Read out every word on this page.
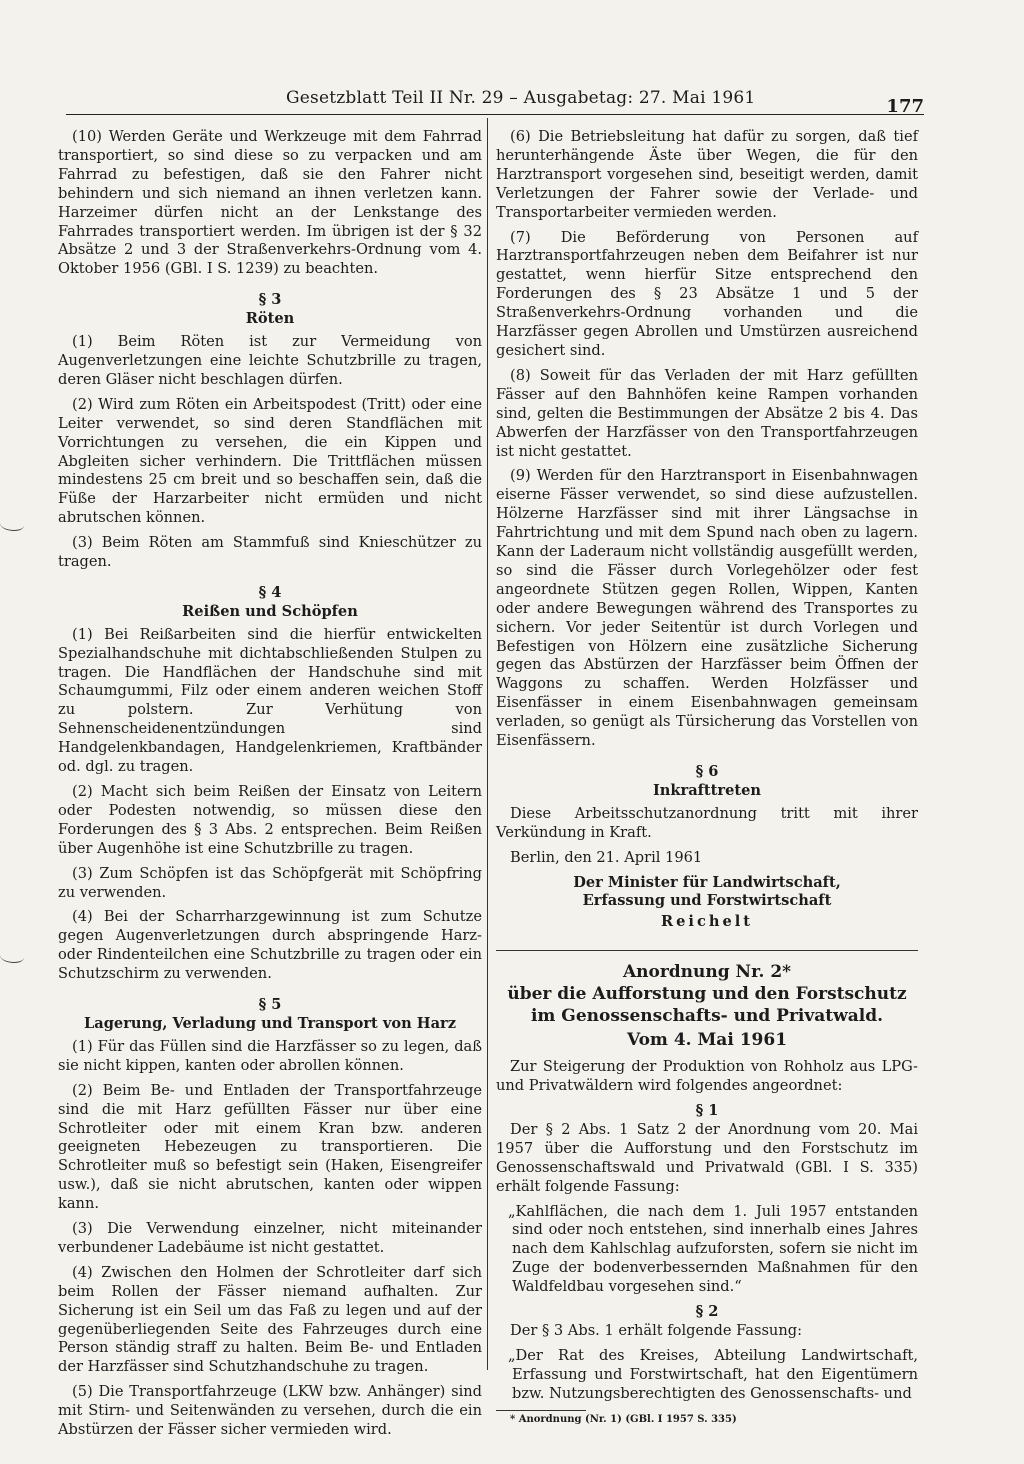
Gesetzblatt Teil II Nr. 29 – Ausgabetag: 27. Mai 1961	177

(10) Werden Geräte und Werkzeuge mit dem Fahrrad transportiert, so sind diese so zu verpacken und am Fahrrad zu befestigen, daß sie den Fahrer nicht behindern und sich niemand an ihnen verletzen kann. Harzeimer dürfen nicht an der Lenkstange des Fahrrades transportiert werden. Im übrigen ist der § 32 Absätze 2 und 3 der Straßenverkehrs-Ordnung vom 4. Oktober 1956 (GBl. I S. 1239) zu beachten.

§ 3
Röten

(1) Beim Röten ist zur Vermeidung von Augenverletzungen eine leichte Schutzbrille zu tragen, deren Gläser nicht beschlagen dürfen.

(2) Wird zum Röten ein Arbeitspodest (Tritt) oder eine Leiter verwendet, so sind deren Standflächen mit Vorrichtungen zu versehen, die ein Kippen und Abgleiten sicher verhindern. Die Trittflächen müssen mindestens 25 cm breit und so beschaffen sein, daß die Füße der Harzarbeiter nicht ermüden und nicht abrutschen können.

(3) Beim Röten am Stammfuß sind Knieschützer zu tragen.

§ 4
Reißen und Schöpfen

(1) Bei Reißarbeiten sind die hierfür entwickelten Spezialhandschuhe mit dichtabschließenden Stulpen zu tragen. Die Handflächen der Handschuhe sind mit Schaumgummi, Filz oder einem anderen weichen Stoff zu polstern. Zur Verhütung von Sehnenscheidenentzündungen sind Handgelenkbandagen, Handgelenkriemen, Kraftbänder od. dgl. zu tragen.

(2) Macht sich beim Reißen der Einsatz von Leitern oder Podesten notwendig, so müssen diese den Forderungen des § 3 Abs. 2 entsprechen. Beim Reißen über Augenhöhe ist eine Schutzbrille zu tragen.

(3) Zum Schöpfen ist das Schöpfgerät mit Schöpfring zu verwenden.

(4) Bei der Scharrharzgewinnung ist zum Schutze gegen Augenverletzungen durch abspringende Harz- oder Rindenteilchen eine Schutzbrille zu tragen oder ein Schutzschirm zu verwenden.

§ 5
Lagerung, Verladung und Transport von Harz

(1) Für das Füllen sind die Harzfässer so zu legen, daß sie nicht kippen, kanten oder abrollen können.

(2) Beim Be- und Entladen der Transportfahrzeuge sind die mit Harz gefüllten Fässer nur über eine Schrotleiter oder mit einem Kran bzw. anderen geeigneten Hebezeugen zu transportieren. Die Schrotleiter muß so befestigt sein (Haken, Eisengreifer usw.), daß sie nicht abrutschen, kanten oder wippen kann.

(3) Die Verwendung einzelner, nicht miteinander verbundener Ladebäume ist nicht gestattet.

(4) Zwischen den Holmen der Schrotleiter darf sich beim Rollen der Fässer niemand aufhalten. Zur Sicherung ist ein Seil um das Faß zu legen und auf der gegenüberliegenden Seite des Fahrzeuges durch eine Person ständig straff zu halten. Beim Be- und Entladen der Harzfässer sind Schutzhandschuhe zu tragen.

(5) Die Transportfahrzeuge (LKW bzw. Anhänger) sind mit Stirn- und Seitenwänden zu versehen, durch die ein Abstürzen der Fässer sicher vermieden wird.

(6) Die Betriebsleitung hat dafür zu sorgen, daß tief herunterhängende Äste über Wegen, die für den Harztransport vorgesehen sind, beseitigt werden, damit Verletzungen der Fahrer sowie der Verlade- und Transportarbeiter vermieden werden.

(7) Die Beförderung von Personen auf Harztransportfahrzeugen neben dem Beifahrer ist nur gestattet, wenn hierfür Sitze entsprechend den Forderungen des § 23 Absätze 1 und 5 der Straßenverkehrs-Ordnung vorhanden und die Harzfässer gegen Abrollen und Umstürzen ausreichend gesichert sind.

(8) Soweit für das Verladen der mit Harz gefüllten Fässer auf den Bahnhöfen keine Rampen vorhanden sind, gelten die Bestimmungen der Absätze 2 bis 4. Das Abwerfen der Harzfässer von den Transportfahrzeugen ist nicht gestattet.

(9) Werden für den Harztransport in Eisenbahnwagen eiserne Fässer verwendet, so sind diese aufzustellen. Hölzerne Harzfässer sind mit ihrer Längsachse in Fahrtrichtung und mit dem Spund nach oben zu lagern. Kann der Laderaum nicht vollständig ausgefüllt werden, so sind die Fässer durch Vorlegehölzer oder fest angeordnete Stützen gegen Rollen, Wippen, Kanten oder andere Bewegungen während des Transportes zu sichern. Vor jeder Seitentür ist durch Vorlegen und Befestigen von Hölzern eine zusätzliche Sicherung gegen das Abstürzen der Harzfässer beim Öffnen der Waggons zu schaffen. Werden Holzfässer und Eisenfässer in einem Eisenbahnwagen gemeinsam verladen, so genügt als Türsicherung das Vorstellen von Eisenfässern.

§ 6
Inkrafttreten

Diese Arbeitsschutzanordnung tritt mit ihrer Verkündung in Kraft.

Berlin, den 21. April 1961

Der Minister für Landwirtschaft,
Erfassung und Forstwirtschaft
Reichelt
Anordnung Nr. 2*
über die Aufforstung und den Forstschutz
im Genossenschafts- und Privatwald.
Vom 4. Mai 1961

Zur Steigerung der Produktion von Rohholz aus LPG- und Privatwäldern wird folgendes angeordnet:

§ 1

Der § 2 Abs. 1 Satz 2 der Anordnung vom 20. Mai 1957 über die Aufforstung und den Forstschutz im Genossenschaftswald und Privatwald (GBl. I S. 335) erhält folgende Fassung:

„Kahlflächen, die nach dem 1. Juli 1957 entstanden sind oder noch entstehen, sind innerhalb eines Jahres nach dem Kahlschlag aufzuforsten, sofern sie nicht im Zuge der bodenverbessernden Maßnahmen für den Waldfeldbau vorgesehen sind.“

§ 2

Der § 3 Abs. 1 erhält folgende Fassung:

„Der Rat des Kreises, Abteilung Landwirtschaft, Erfassung und Forstwirtschaft, hat den Eigentümern bzw. Nutzungsberechtigten des Genossenschafts- und

* Anordnung (Nr. 1) (GBl. I 1957 S. 335)
